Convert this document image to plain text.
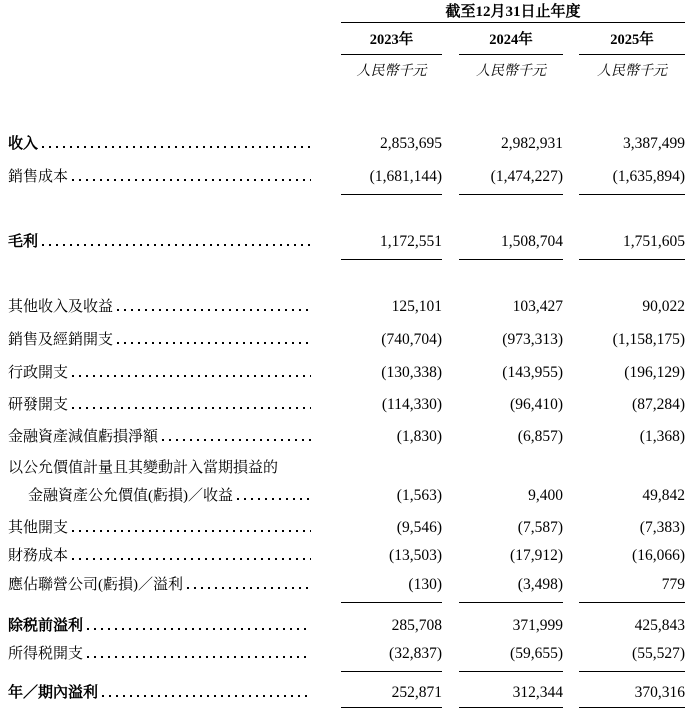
截至12月31日止年度
2023年	2024年	2025年
人民幣千元	人民幣千元	人民幣千元
收入	2,853,695	2,982,931	3,387,499
銷售成本	(1,681,144)	(1,474,227)	(1,635,894)
毛利	1,172,551	1,508,704	1,751,605
其他收入及收益	125,101	103,427	90,022
銷售及經銷開支	(740,704)	(973,313)	(1,158,175)
行政開支	(130,338)	(143,955)	(196,129)
研發開支	(114,330)	(96,410)	(87,284)
金融資產減值虧損淨額	(1,830)	(6,857)	(1,368)
以公允價值計量且其變動計入當期損益的
金融資產公允價值(虧損)／收益	(1,563)	9,400	49,842
其他開支	(9,546)	(7,587)	(7,383)
財務成本	(13,503)	(17,912)	(16,066)
應佔聯營公司(虧損)／溢利	(130)	(3,498)	779
除税前溢利	285,708	371,999	425,843
所得税開支	(32,837)	(59,655)	(55,527)
年／期內溢利	252,871	312,344	370,316
